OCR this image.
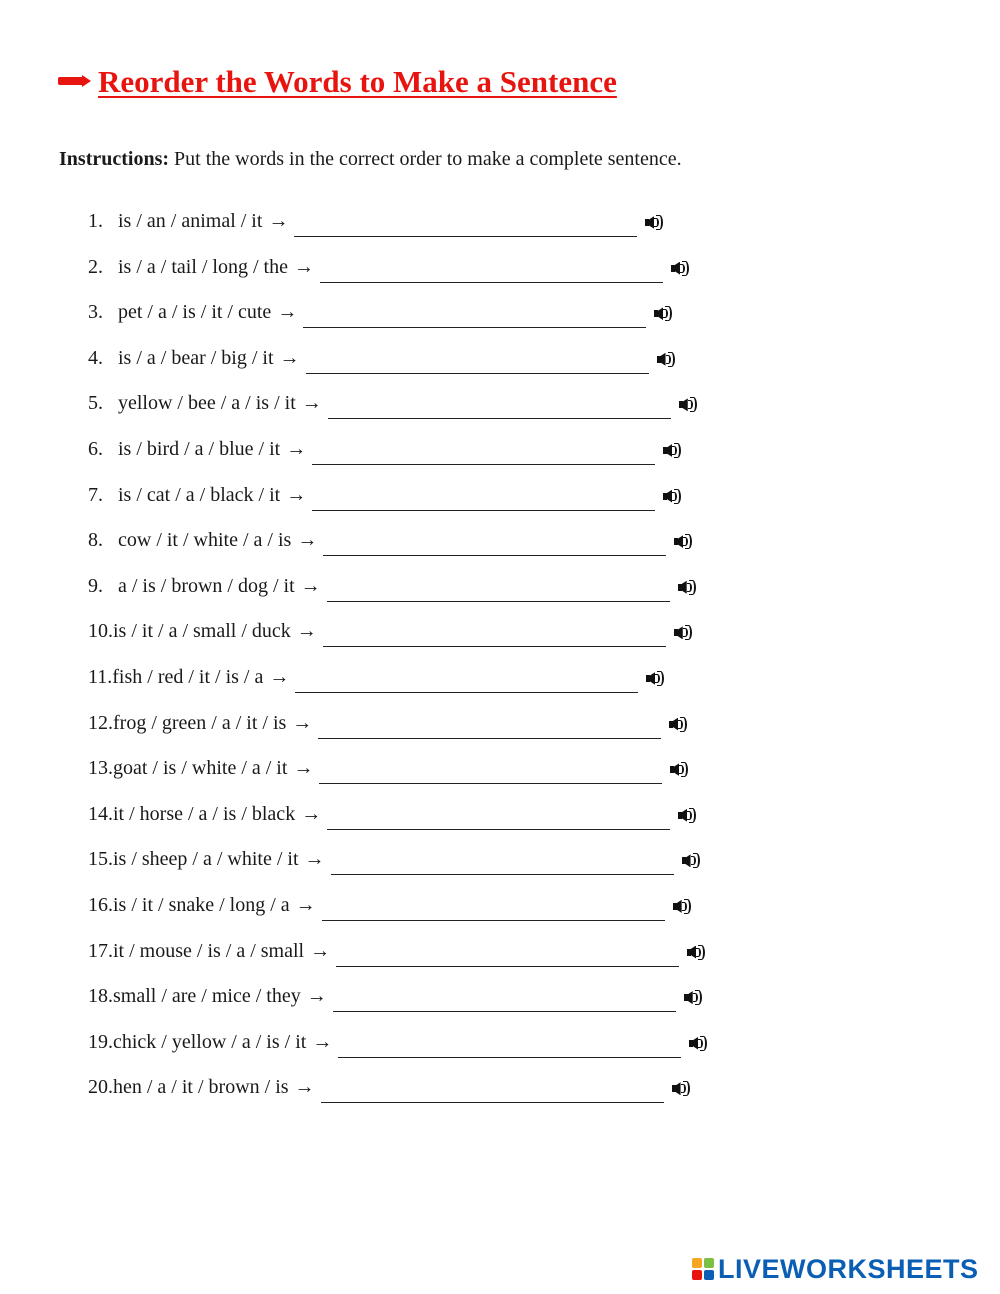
Reorder the Words to Make a Sentence
Instructions: Put the words in the correct order to make a complete sentence.
1. is / an / animal / it →
2. is / a / tail / long / the →
3. pet / a / is / it / cute →
4. is / a / bear / big / it →
5. yellow / bee / a / is / it →
6. is / bird / a / blue / it →
7. is / cat / a / black / it →
8. cow / it / white / a / is →
9. a / is / brown / dog / it →
10. is / it / a / small / duck →
11. fish / red / it / is / a →
12. frog / green / a / it / is →
13. goat / is / white / a / it →
14. it / horse / a / is / black →
15. is / sheep / a / white / it →
16. is / it / snake / long / a →
17. it / mouse / is / a / small →
18. small / are / mice / they →
19. chick / yellow / a / is / it →
20. hen / a / it / brown / is →
LIVEWORKSHEETS
